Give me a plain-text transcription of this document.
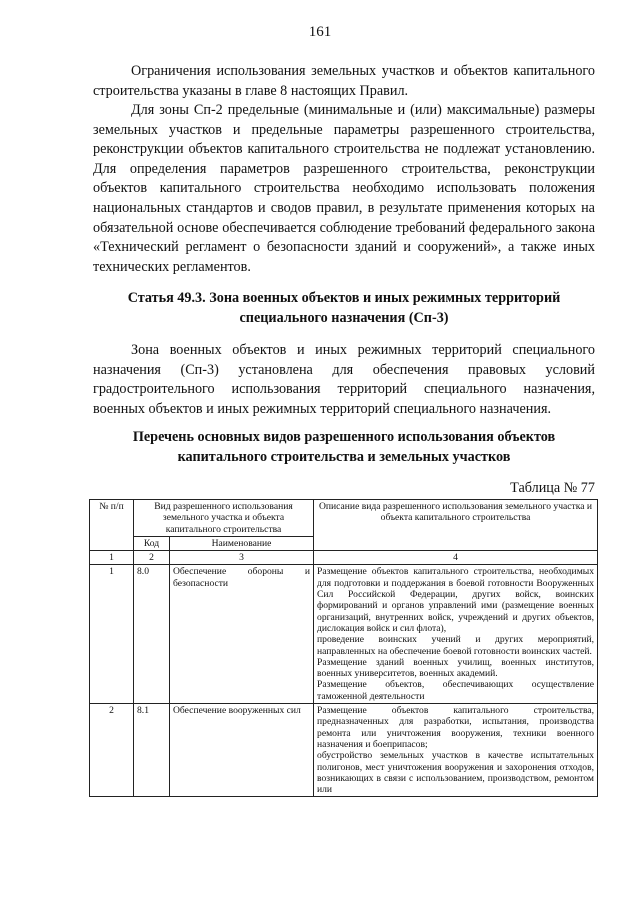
161

Ограничения использования земельных участков и объектов капитального строительства указаны в главе 8 настоящих Правил.

Для зоны Сп-2 предельные (минимальные и (или) максимальные) размеры земельных участков и предельные параметры разрешенного строительства, реконструкции объектов капитального строительства не подлежат установлению. Для определения параметров разрешенного строительства, реконструкции объектов капитального строительства необходимо использовать положения национальных стандартов и сводов правил, в результате применения которых на обязательной основе обеспечивается соблюдение требований федерального закона «Технический регламент о безопасности зданий и сооружений», а также иных технических регламентов.

Статья 49.3. Зона военных объектов и иных режимных территорий специального назначения (Сп-3)

Зона военных объектов и иных режимных территорий специального назначения (Сп-3) установлена для обеспечения правовых условий градостроительного использования территорий специального назначения, военных объектов и иных режимных территорий специального назначения.

Перечень основных видов разрешенного использования объектов капитального строительства и земельных участков

Таблица № 77
№ п/п	Вид разрешенного использования земельного участка и объекта капитального строительства		Описание вида разрешенного использования земельного участка и объекта капитального строительства
	Код	Наименование	
1	2	3	4
1	8.0	Обеспечение обороны и безопасности	Размещение объектов капитального строительства, необходимых для подготовки и поддержания в боевой готовности Вооруженных Сил Российской Федерации, других войск, воинских формирований и органов управлений ими (размещение военных организаций, внутренних войск, учреждений и других объектов, дислокация войск и сил флота),

проведение воинских учений и других мероприятий, направленных на обеспечение боевой готовности воинских частей.

Размещение зданий военных училищ, военных институтов, военных университетов, военных академий.

Размещение объектов, обеспечивающих осуществление таможенной деятельности

2	8.1	Обеспечение вооруженных сил	Размещение объектов капитального строительства, предназначенных для разработки, испытания, производства ремонта или уничтожения вооружения, техники военного назначения и боеприпасов;

обустройство земельных участков в качестве испытательных полигонов, мест уничтожения вооружения и захоронения отходов, возникающих в связи с использованием, производством, ремонтом или
